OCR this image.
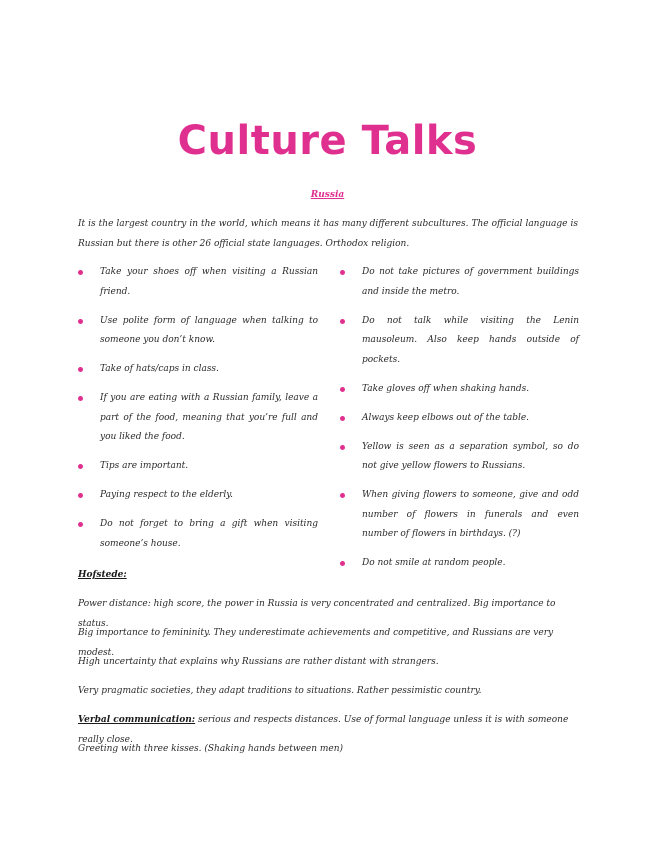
Culture Talks
Russia
It is the largest country in the world, which means it has many different subcultures. The official language is Russian but there is other 26 official state languages. Orthodox religion.
Take your shoes off when visiting a Russian friend.
Use polite form of language when talking to someone you don’t know.
Take of hats/caps in class.
If you are eating with a Russian family, leave a part of the food, meaning that you’re full and you liked the food.
Tips are important.
Paying respect to the elderly.
Do not forget to bring a gift when visiting someone’s house.
Do not take pictures of government buildings and inside the metro.
Do not talk while visiting the Lenin mausoleum. Also keep hands outside of pockets.
Take gloves off when shaking hands.
Always keep elbows out of the table.
Yellow is seen as a separation symbol, so do not give yellow flowers to Russians.
When giving flowers to someone, give and odd number of flowers in funerals and even number of flowers in birthdays. (?)
Do not smile at random people.
Hofstede:
Power distance: high score, the power in Russia is very concentrated and centralized. Big importance to status.
Big importance to femininity. They underestimate achievements and competitive, and Russians are very modest.
High uncertainty that explains why Russians are rather distant with strangers.
Very pragmatic societies, they adapt traditions to situations. Rather pessimistic country.
Verbal communication: serious and respects distances. Use of formal language unless it is with someone really close.
Greeting with three kisses. (Shaking hands between men)
